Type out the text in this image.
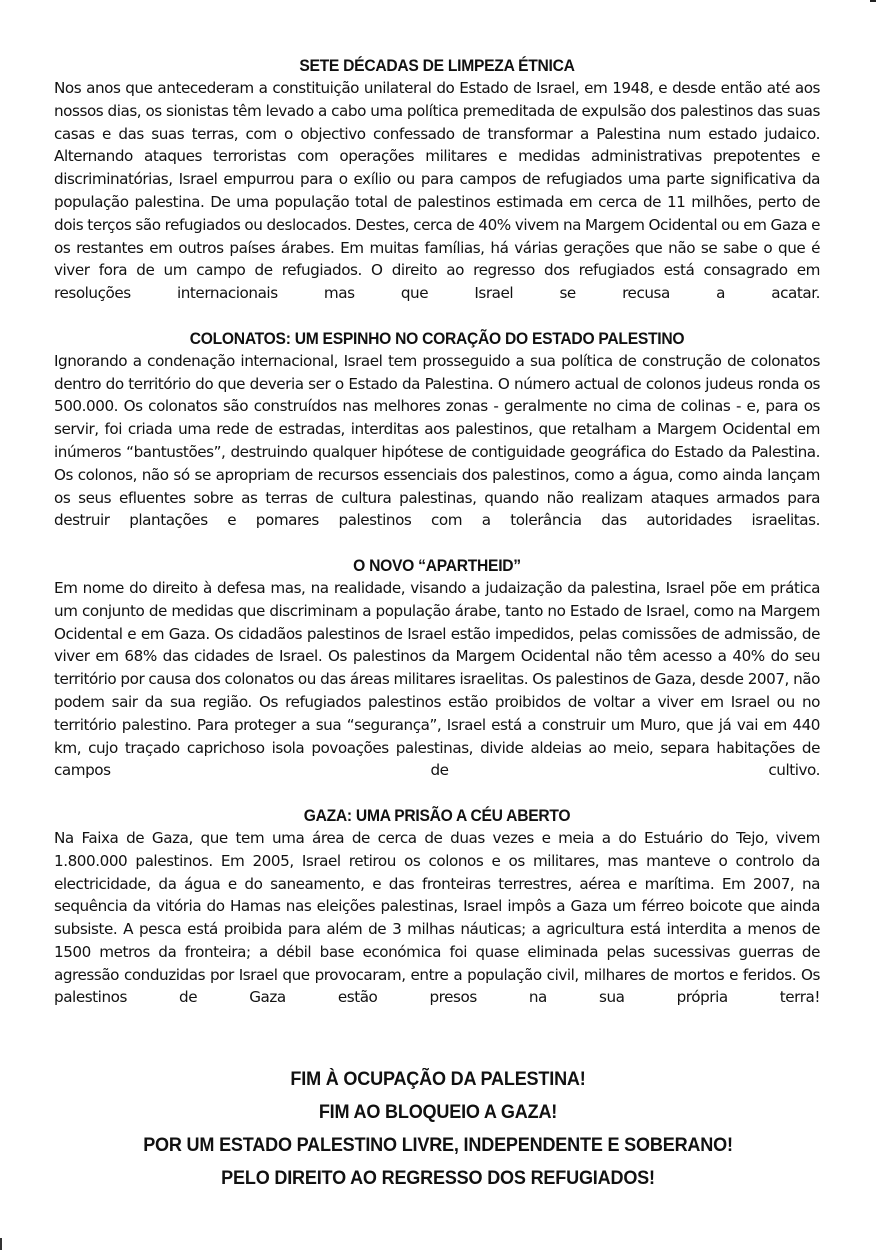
SETE DÉCADAS DE LIMPEZA ÉTNICA

Nos anos que antecederam a constituição unilateral do Estado de Israel, em 1948, e desde então até aos nossos dias, os sionistas têm levado a cabo uma política premeditada de expulsão dos palestinos das suas casas e das suas terras, com o objectivo confessado de transformar a Palestina num estado judaico. Alternando ataques terroristas com operações militares e medidas administrativas prepotentes e discriminatórias, Israel empurrou para o exílio ou para campos de refugiados uma parte significativa da população palestina. De uma população total de palestinos estimada em cerca de 11 milhões, perto de dois terços são refugiados ou deslocados. Destes, cerca de 40% vivem na Margem Ocidental ou em Gaza e os restantes em outros países árabes. Em muitas famílias, há várias gerações que não se sabe o que é viver fora de um campo de refugiados. O direito ao regresso dos refugiados está consagrado em resoluções internacionais mas que Israel se recusa a acatar.

COLONATOS: UM ESPINHO NO CORAÇÃO DO ESTADO PALESTINO

Ignorando a condenação internacional, Israel tem prosseguido a sua política de construção de colonatos dentro do território do que deveria ser o Estado da Palestina. O número actual de colonos judeus ronda os 500.000. Os colonatos são construídos nas melhores zonas - geralmente no cima de colinas - e, para os servir, foi criada uma rede de estradas, interditas aos palestinos, que retalham a Margem Ocidental em inúmeros “bantustões”, destruindo qualquer hipótese de contiguidade geográfica do Estado da Palestina. Os colonos, não só se apropriam de recursos essenciais dos palestinos, como a água, como ainda lançam os seus efluentes sobre as terras de cultura palestinas, quando não realizam ataques armados para destruir plantações e pomares palestinos com a tolerância das autoridades israelitas.

O NOVO “APARTHEID”

Em nome do direito à defesa mas, na realidade, visando a judaização da palestina, Israel põe em prática um conjunto de medidas que discriminam a população árabe, tanto no Estado de Israel, como na Margem Ocidental e em Gaza. Os cidadãos palestinos de Israel estão impedidos, pelas comissões de admissão, de viver em 68% das cidades de Israel. Os palestinos da Margem Ocidental não têm acesso a 40% do seu território por causa dos colonatos ou das áreas militares israelitas. Os palestinos de Gaza, desde 2007, não podem sair da sua região. Os refugiados palestinos estão proibidos de voltar a viver em Israel ou no território palestino. Para proteger a sua “segurança”, Israel está a construir um Muro, que já vai em 440 km, cujo traçado caprichoso isola povoações palestinas, divide aldeias ao meio, separa habitações de campos de cultivo.

GAZA: UMA PRISÃO A CÉU ABERTO

Na Faixa de Gaza, que tem uma área de cerca de duas vezes e meia a do Estuário do Tejo, vivem 1.800.000 palestinos. Em 2005, Israel retirou os colonos e os militares, mas manteve o controlo da electricidade, da água e do saneamento, e das fronteiras terrestres, aérea e marítima. Em 2007, na sequência da vitória do Hamas nas eleições palestinas, Israel impôs a Gaza um férreo boicote que ainda subsiste. A pesca está proibida para além de 3 milhas náuticas; a agricultura está interdita a menos de 1500 metros da fronteira; a débil base económica foi quase eliminada pelas sucessivas guerras de agressão conduzidas por Israel que provocaram, entre a população civil, milhares de mortos e feridos. Os palestinos de Gaza estão presos na sua própria terra!

FIM À OCUPAÇÃO DA PALESTINA!

FIM AO BLOQUEIO A GAZA!

POR UM ESTADO PALESTINO LIVRE, INDEPENDENTE E SOBERANO!

PELO DIREITO AO REGRESSO DOS REFUGIADOS!
